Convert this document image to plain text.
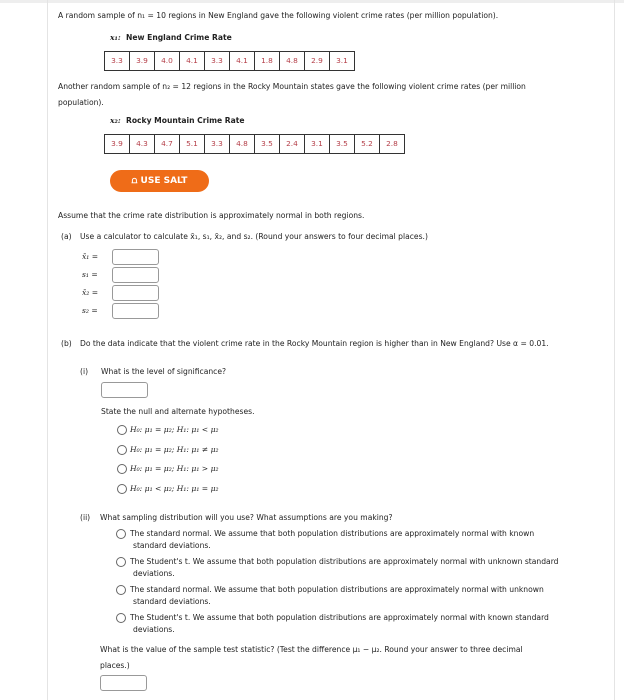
A random sample of n₁ = 10 regions in New England gave the following violent crime rates (per million population).
x₁: New England Crime Rate
3.3	3.9	4.0	4.1	3.3	4.1	1.8	4.8	2.9	3.1
Another random sample of n₂ = 12 regions in the Rocky Mountain states gave the following violent crime rates (per million
population).
x₂: Rocky Mountain Crime Rate
3.9	4.3	4.7	5.1	3.3	4.8	3.5	2.4	3.1	3.5	5.2	2.8
⩍ USE SALT
Assume that the crime rate distribution is approximately normal in both regions.
(a) Use a calculator to calculate x̄₁, s₁, x̄₂, and s₂. (Round your answers to four decimal places.)
x̄₁ =
s₁ =
x̄₂ =
s₂ =
(b) Do the data indicate that the violent crime rate in the Rocky Mountain region is higher than in New England? Use α = 0.01.
(i) What is the level of significance?
State the null and alternate hypotheses.
H₀: μ₁ = μ₂; H₁: μ₁ < μ₂
H₀: μ₁ = μ₂; H₁: μ₁ ≠ μ₂
H₀: μ₁ = μ₂; H₁: μ₁ > μ₂
H₀: μ₁ < μ₂; H₁: μ₁ = μ₂
(ii) What sampling distribution will you use? What assumptions are you making?
The standard normal. We assume that both population distributions are approximately normal with known
standard deviations.
The Student's t. We assume that both population distributions are approximately normal with unknown standard
deviations.
The standard normal. We assume that both population distributions are approximately normal with unknown
standard deviations.
The Student's t. We assume that both population distributions are approximately normal with known standard
deviations.
What is the value of the sample test statistic? (Test the difference μ₁ − μ₂. Round your answer to three decimal
places.)
